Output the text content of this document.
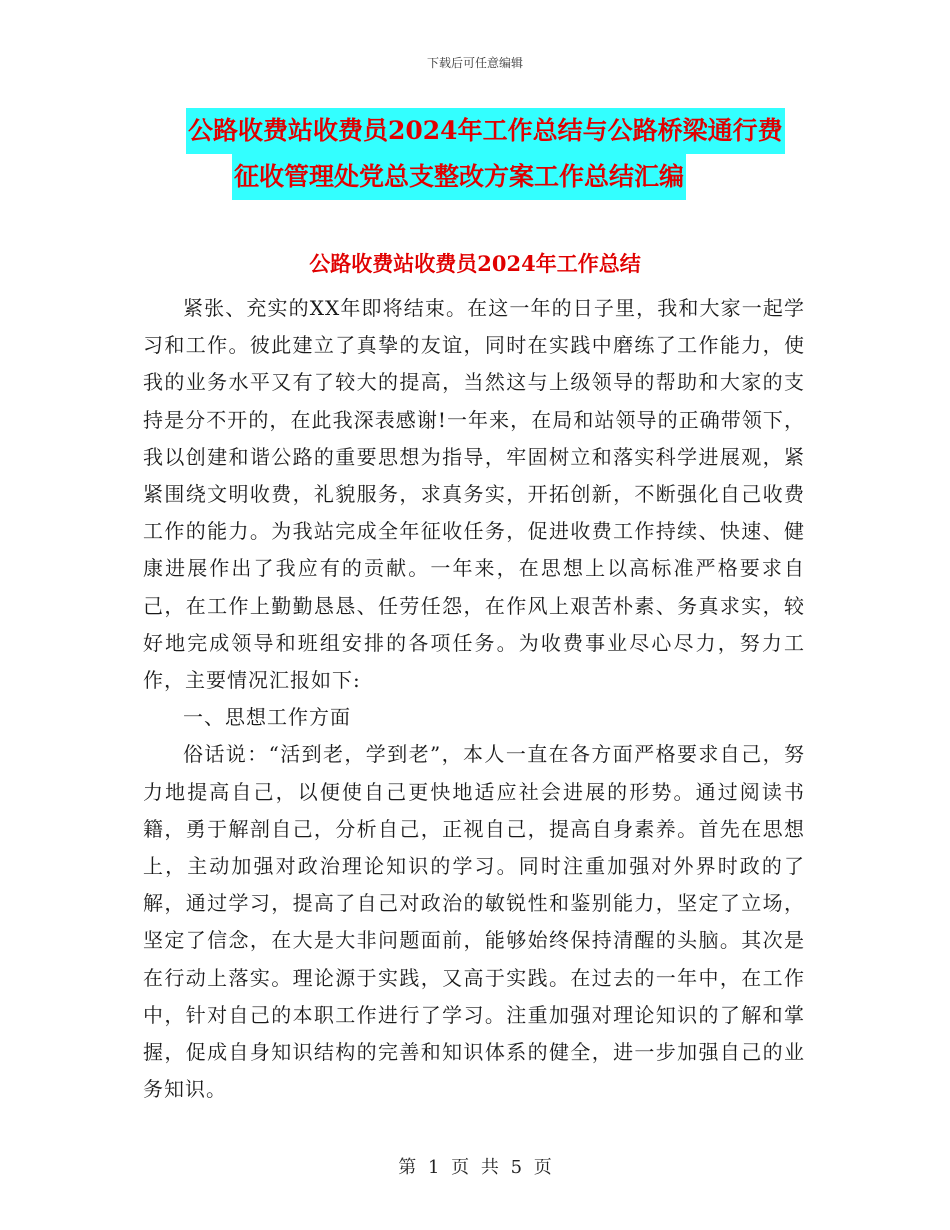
下载后可任意编辑
公路收费站收费员2024年工作总结与公路桥梁通行费
征收管理处党总支整改方案工作总结汇编
公路收费站收费员2024年工作总结

紧张、充实的XX年即将结束。在这一年的日子里，我和大家一起学习和工作。彼此建立了真挚的友谊，同时在实践中磨练了工作能力，使我的业务水平又有了较大的提高，当然这与上级领导的帮助和大家的支持是分不开的，在此我深表感谢!一年来，在局和站领导的正确带领下，我以创建和谐公路的重要思想为指导，牢固树立和落实科学进展观，紧紧围绕文明收费，礼貌服务，求真务实，开拓创新，不断强化自己收费工作的能力。为我站完成全年征收任务，促进收费工作持续、快速、健康进展作出了我应有的贡献。一年来，在思想上以高标准严格要求自己，在工作上勤勤恳恳、任劳任怨，在作风上艰苦朴素、务真求实，较好地完成领导和班组安排的各项任务。为收费事业尽心尽力，努力工作，主要情况汇报如下:

一、思想工作方面

俗话说：“活到老，学到老”，本人一直在各方面严格要求自己，努力地提高自己，以便使自己更快地适应社会进展的形势。通过阅读书籍，勇于解剖自己，分析自己，正视自己，提高自身素养。首先在思想上，主动加强对政治理论知识的学习。同时注重加强对外界时政的了解，通过学习，提高了自己对政治的敏锐性和鉴别能力，坚定了立场，坚定了信念，在大是大非问题面前，能够始终保持清醒的头脑。其次是在行动上落实。理论源于实践，又高于实践。在过去的一年中，在工作中，针对自己的本职工作进行了学习。注重加强对理论知识的了解和掌握，促成自身知识结构的完善和知识体系的健全，进一步加强自己的业务知识。

第 1 页 共 5 页
